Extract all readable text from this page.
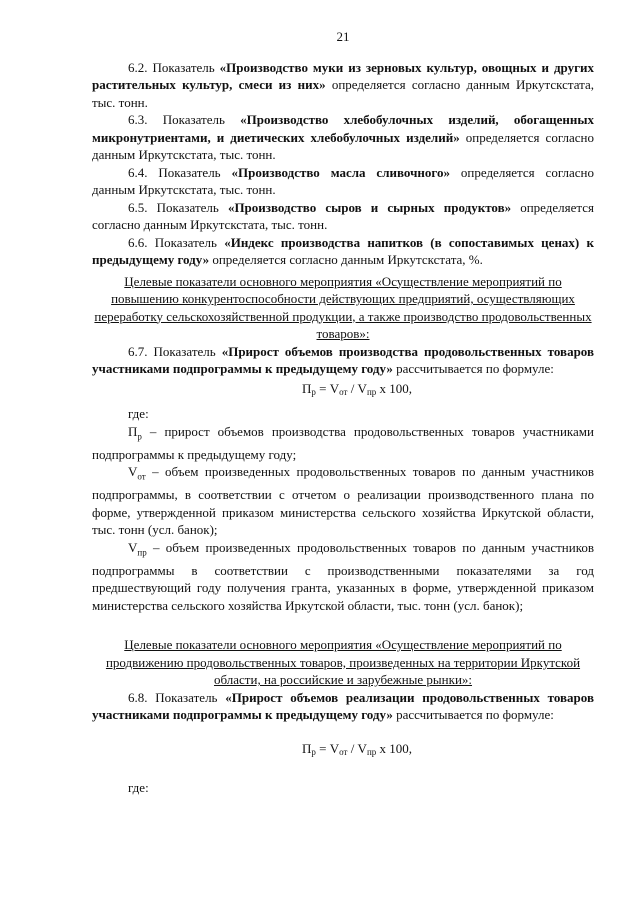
21

6.2. Показатель «Производство муки из зерновых культур, овощных и других растительных культур, смеси из них» определяется согласно данным Иркутскстата, тыс. тонн.

6.3. Показатель «Производство хлебобулочных изделий, обогащенных микронутриентами, и диетических хлебобулочных изделий» определяется согласно данным Иркутскстата, тыс. тонн.

6.4. Показатель «Производство масла сливочного» определяется согласно данным Иркутскстата, тыс. тонн.

6.5. Показатель «Производство сыров и сырных продуктов» определяется согласно данным Иркутскстата, тыс. тонн.

6.6. Показатель «Индекс производства напитков (в сопоставимых ценах) к предыдущему году» определяется согласно данным Иркутскстата, %.

Целевые показатели основного мероприятия «Осуществление мероприятий по повышению конкурентоспособности действующих предприятий, осуществляющих переработку сельскохозяйственной продукции, а также производство продовольственных товаров»:

6.7. Показатель «Прирост объемов производства продовольственных товаров участниками подпрограммы к предыдущему году» рассчитывается по формуле:

$П_р = V_{от} / V_{пр}$ х 100,

где:

$П_р$ – прирост объемов производства продовольственных товаров участниками подпрограммы к предыдущему году;

$V_{от}$ – объем произведенных продовольственных товаров по данным участников подпрограммы, в соответствии с отчетом о реализации производственного плана по форме, утвержденной приказом министерства сельского хозяйства Иркутской области, тыс. тонн (усл. банок);

$V_{пр}$ – объем произведенных продовольственных товаров по данным участников подпрограммы в соответствии с производственными показателями за год предшествующий году получения гранта, указанных в форме, утвержденной приказом министерства сельского хозяйства Иркутской области, тыс. тонн (усл. банок);

Целевые показатели основного мероприятия «Осуществление мероприятий по продвижению продовольственных товаров, произведенных на территории Иркутской области, на российские и зарубежные рынки»:

6.8. Показатель «Прирост объемов реализации продовольственных товаров участниками подпрограммы к предыдущему году» рассчитывается по формуле:

$П_р = V_{от} / V_{пр}$ х 100,

где:
